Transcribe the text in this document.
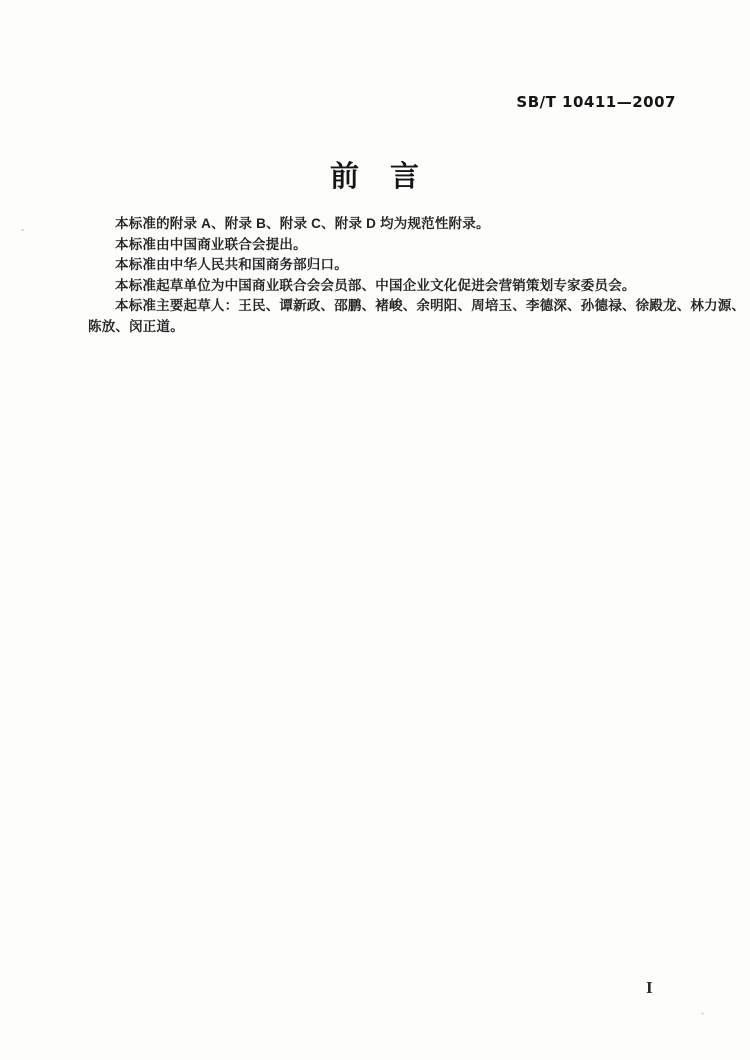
SB/T 10411—2007
前　言
本标准的附录 A、附录 B、附录 C、附录 D 均为规范性附录。
本标准由中国商业联合会提出。
本标准由中华人民共和国商务部归口。
本标准起草单位为中国商业联合会会员部、中国企业文化促进会营销策划专家委员会。
本标准主要起草人：王民、谭新政、邵鹏、褚峻、余明阳、周培玉、李德深、孙德禄、徐殿龙、林力源、
陈放、闵正道。
I
